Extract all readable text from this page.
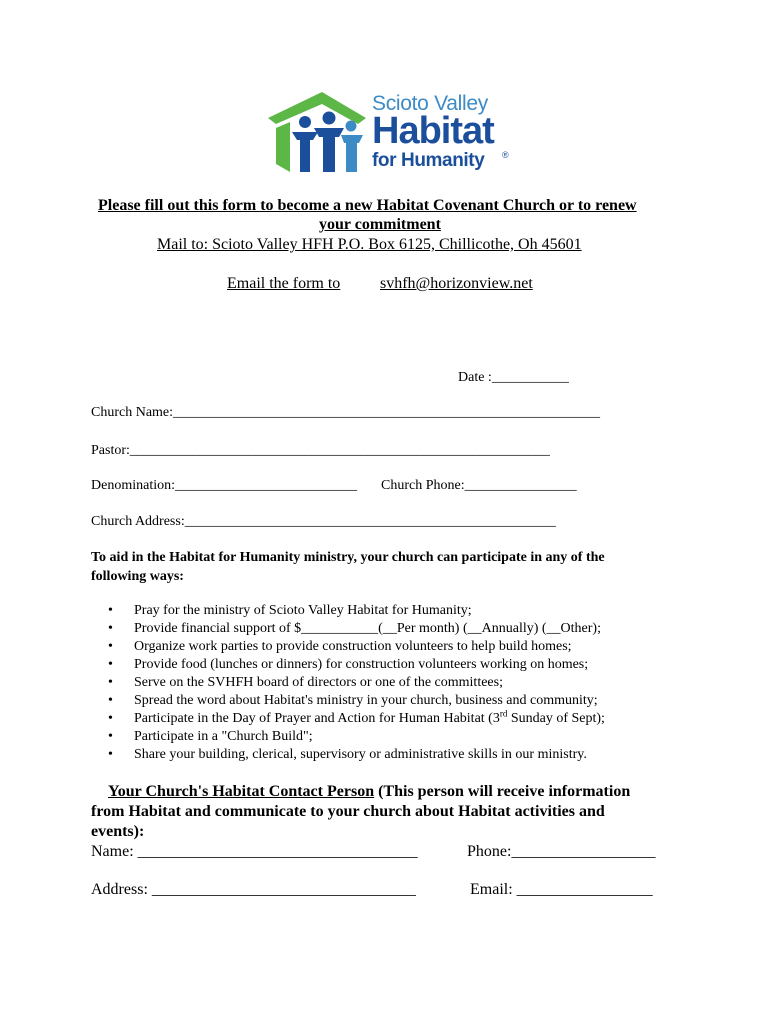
Scioto Valley
Habitat
for Humanity ®
Please fill out this form to become a new Habitat Covenant Church or to renew
your commitment
Mail to: Scioto Valley HFH P.O. Box 6125, Chillicothe, Oh 45601
Email the form to svhfh@horizonview.net
Date :___________
Church Name:_____________________________________________________________
Pastor:____________________________________________________________
Denomination:__________________________ Church Phone:________________
Church Address:_____________________________________________________
To aid in the Habitat for Humanity ministry, your church can participate in any of the
following ways:
• Pray for the ministry of Scioto Valley Habitat for Humanity;
• Provide financial support of $___________(__Per month) (__Annually) (__Other);
• Organize work parties to provide construction volunteers to help build homes;
• Provide food (lunches or dinners) for construction volunteers working on homes;
• Serve on the SVHFH board of directors or one of the committees;
• Spread the word about Habitat's ministry in your church, business and community;
• Participate in the Day of Prayer and Action for Human Habitat (3rd Sunday of Sept);
• Participate in a "Church Build";
• Share your building, clerical, supervisory or administrative skills in our ministry.
Your Church's Habitat Contact Person (This person will receive information
from Habitat and communicate to your church about Habitat activities and
events):
Name: ___________________________________	Phone:__________________
Address: _________________________________	Email: _________________
